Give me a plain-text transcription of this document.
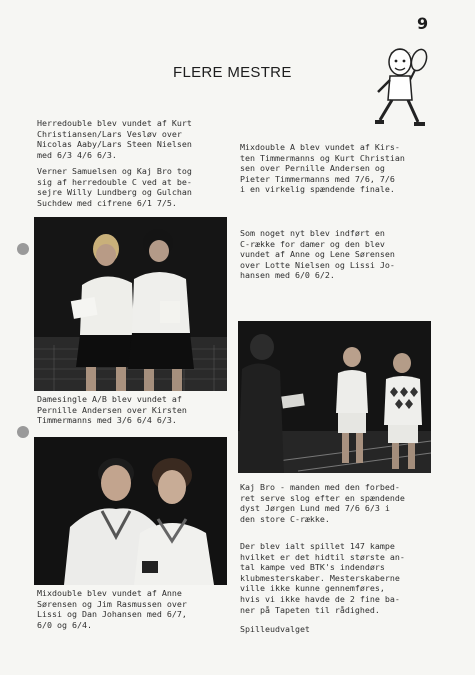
9
FLERE MESTRE
Herredouble blev vundet af Kurt
Christiansen/Lars Vesløv over
Nicolas Aaby/Lars Steen Nielsen
med 6/3 4/6 6/3.
Verner Samuelsen og Kaj Bro tog
sig af herredouble C ved at be-
sejre Willy Lundberg og Gulchan
Suchdew med cifrene 6/1 7/5.
Damesingle A/B blev vundet af
Pernille Andersen over Kirsten
Timmermanns med 3/6 6/4 6/3.
Mixdouble blev vundet af Anne
Sørensen og Jim Rasmussen over
Lissi og Dan Johansen med 6/7,
6/0 og 6/4.
Mixdouble A blev vundet af Kirs-
ten Timmermanns og Kurt Christian
sen over Pernille Andersen og
Pieter Timmermanns med 7/6, 7/6
i en virkelig spændende finale.
Som noget nyt blev indført en
C-række for damer og den blev
vundet af Anne og Lene Sørensen
over Lotte Nielsen og Lissi Jo-
hansen med 6/0 6/2.
Kaj Bro - manden med den forbed-
ret serve slog efter en spændende
dyst Jørgen Lund med 7/6 6/3 i
den store C-række.
Der blev ialt spillet 147 kampe
hvilket er det hidtil største an-
tal kampe ved BTK's indendørs
klubmesterskaber. Mesterskaberne
ville ikke kunne gennemføres,
hvis vi ikke havde de 2 fine ba-
ner på Tapeten til rådighed.
Spilleudvalget
